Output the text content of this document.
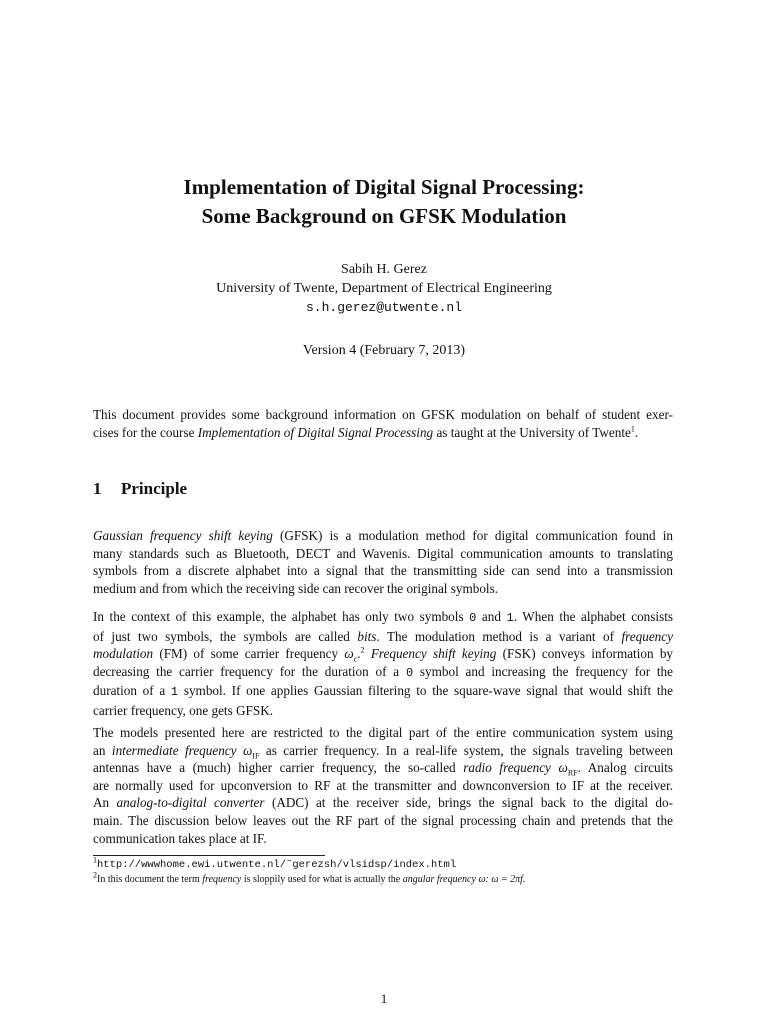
Implementation of Digital Signal Processing:
Some Background on GFSK Modulation
Sabih H. Gerez
University of Twente, Department of Electrical Engineering
s.h.gerez@utwente.nl
Version 4 (February 7, 2013)
This document provides some background information on GFSK modulation on behalf of student exer-
cises for the course Implementation of Digital Signal Processing as taught at the University of Twente$^1$.
1 Principle
Gaussian frequency shift keying (GFSK) is a modulation method for digital communication found in
many standards such as Bluetooth, DECT and Wavenis. Digital communication amounts to translating
symbols from a discrete alphabet into a signal that the transmitting side can send into a transmission
medium and from which the receiving side can recover the original symbols.
In the context of this example, the alphabet has only two symbols 0 and 1. When the alphabet consists
of just two symbols, the symbols are called bits. The modulation method is a variant of frequency
modulation (FM) of some carrier frequency $\omega_c.^2$ Frequency shift keying (FSK) conveys information by
decreasing the carrier frequency for the duration of a 0 symbol and increasing the frequency for the
duration of a 1 symbol. If one applies Gaussian filtering to the square-wave signal that would shift the
carrier frequency, one gets GFSK.
The models presented here are restricted to the digital part of the entire communication system using
an intermediate frequency $\omega_{IF}$ as carrier frequency. In a real-life system, the signals traveling between
antennas have a (much) higher carrier frequency, the so-called radio frequency $\omega_{RF}$. Analog circuits
are normally used for upconversion to RF at the transmitter and downconversion to IF at the receiver.
An analog-to-digital converter (ADC) at the receiver side, brings the signal back to the digital do-
main. The discussion below leaves out the RF part of the signal processing chain and pretends that the
communication takes place at IF.
$^1$http://wwwhome.ewi.utwente.nl/˜gerezsh/vlsidsp/index.html
$^2$In this document the term frequency is sloppily used for what is actually the angular frequency ω: ω = 2πf.
1
